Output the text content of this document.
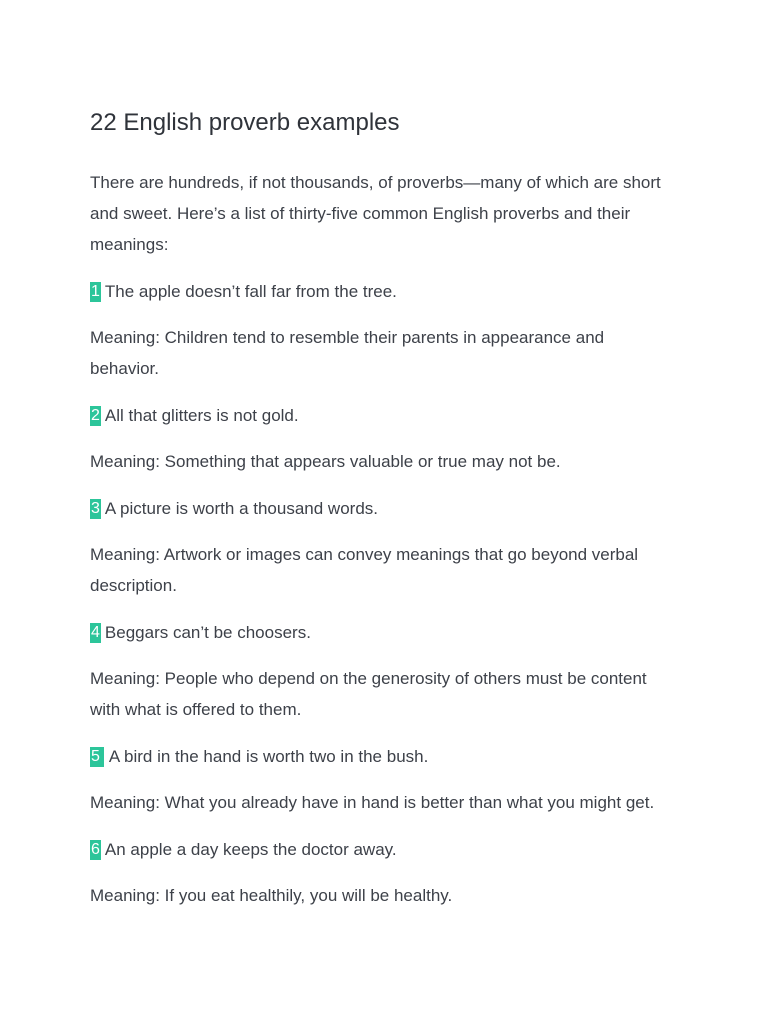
22 English proverb examples

There are hundreds, if not thousands, of proverbs—many of which are short and sweet. Here’s a list of thirty-five common English proverbs and their meanings:

1 The apple doesn’t fall far from the tree.

Meaning: Children tend to resemble their parents in appearance and behavior.

2 All that glitters is not gold.

Meaning: Something that appears valuable or true may not be.

3 A picture is worth a thousand words.

Meaning: Artwork or images can convey meanings that go beyond verbal description.

4 Beggars can’t be choosers.

Meaning: People who depend on the generosity of others must be content with what is offered to them.

5 A bird in the hand is worth two in the bush.

Meaning: What you already have in hand is better than what you might get.

6 An apple a day keeps the doctor away.

Meaning: If you eat healthily, you will be healthy.
